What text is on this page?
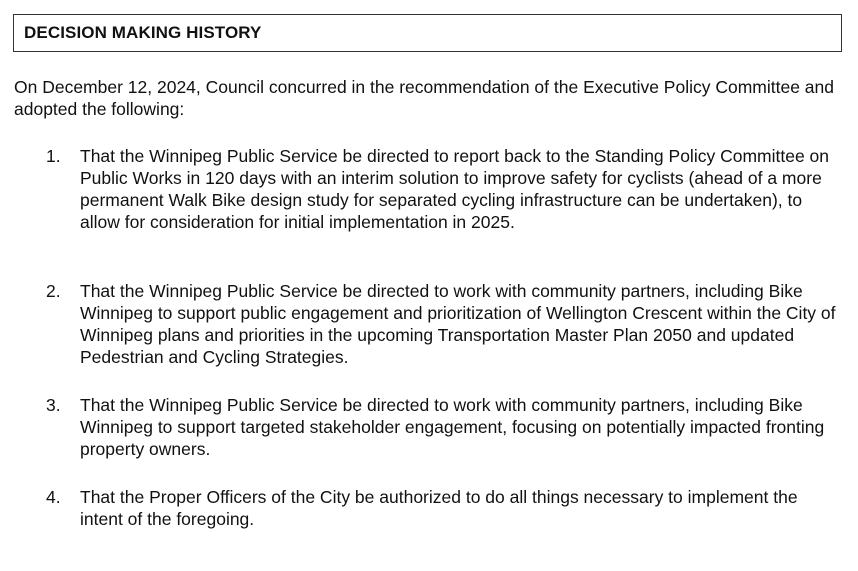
DECISION MAKING HISTORY

On December 12, 2024, Council concurred in the recommendation of the Executive Policy Committee and adopted the following:

1. That the Winnipeg Public Service be directed to report back to the Standing Policy Committee on Public Works in 120 days with an interim solution to improve safety for cyclists (ahead of a more permanent Walk Bike design study for separated cycling infrastructure can be undertaken), to allow for consideration for initial implementation in 2025.

2. That the Winnipeg Public Service be directed to work with community partners, including Bike Winnipeg to support public engagement and prioritization of Wellington Crescent within the City of Winnipeg plans and priorities in the upcoming Transportation Master Plan 2050 and updated Pedestrian and Cycling Strategies.

3. That the Winnipeg Public Service be directed to work with community partners, including Bike Winnipeg to support targeted stakeholder engagement, focusing on potentially impacted fronting property owners.

4. That the Proper Officers of the City be authorized to do all things necessary to implement the intent of the foregoing.
